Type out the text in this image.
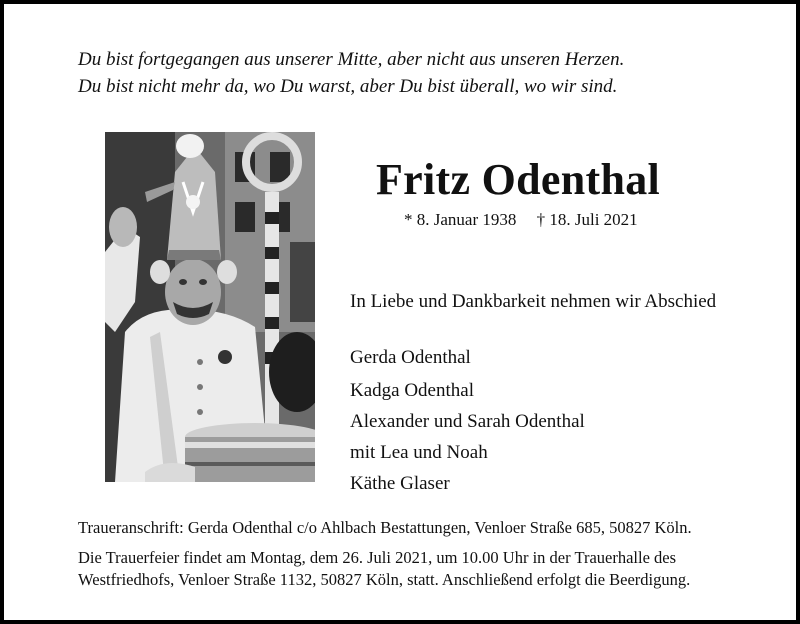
Du bist fortgegangen aus unserer Mitte, aber nicht aus unseren Herzen.
Du bist nicht mehr da, wo Du warst, aber Du bist überall, wo wir sind.
Fritz Odenthal
* 8. Januar 1938 † 18. Juli 2021
In Liebe und Dankbarkeit nehmen wir Abschied
Gerda Odenthal
Kadga Odenthal
Alexander und Sarah Odenthal
mit Lea und Noah
Käthe Glaser
Traueranschrift: Gerda Odenthal c/o Ahlbach Bestattungen, Venloer Straße 685, 50827 Köln.
Die Trauerfeier findet am Montag, dem 26. Juli 2021, um 10.00 Uhr in der Trauerhalle des
Westfriedhofs, Venloer Straße 1132, 50827 Köln, statt. Anschließend erfolgt die Beerdigung.
